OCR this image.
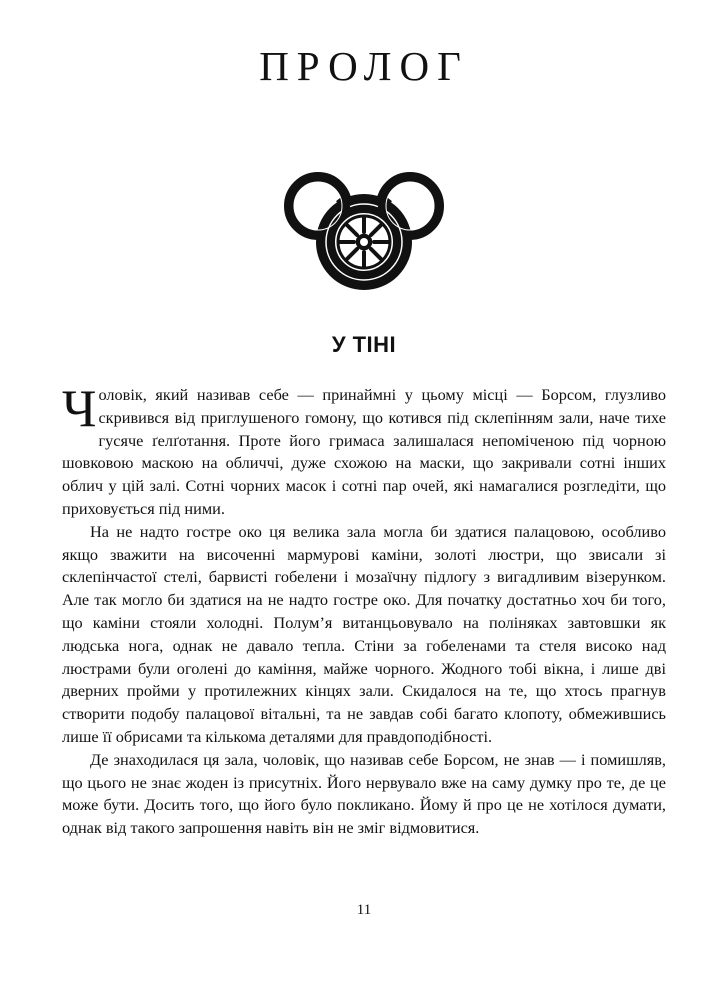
ПРОЛОГ
У ТІНІ

Чоловік, який називав себе — принаймні у цьому місці — Борсом, глузливо скривився від приглушеного гомону, що котився під склепінням зали, наче тихе гусяче ґелґотання. Проте його гримаса залишалася непоміченою під чорною шовковою маскою на обличчі, дуже схожою на маски, що закривали сотні інших облич у цій залі. Сотні чорних масок і сотні пар очей, які намагалися розгледіти, що приховується під ними.

На не надто гостре око ця велика зала могла би здатися палацовою, особливо якщо зважити на височенні мармурові каміни, золоті люстри, що звисали зі склепінчастої стелі, барвисті гобелени і мозаїчну підлогу з вигадливим візерунком. Але так могло би здатися на не надто гостре око. Для початку достатньо хоч би того, що каміни стояли холодні. Полум’я витанцьовувало на поліняках завтовшки як людська нога, однак не давало тепла. Стіни за гобеленами та стеля високо над люстрами були оголені до каміння, майже чорного. Жодного тобі вікна, і лише дві дверних пройми у протилежних кінцях зали. Скидалося на те, що хтось прагнув створити подобу палацової вітальні, та не завдав собі багато клопоту, обмежившись лише її обрисами та кількома деталями для правдоподібності.

Де знаходилася ця зала, чоловік, що називав себе Борсом, не знав — і помишляв, що цього не знає жоден із присутніх. Його нервувало вже на саму думку про те, де це може бути. Досить того, що його було покликано. Йому й про це не хотілося думати, однак від такого запрошення навіть він не зміг відмовитися.

11
